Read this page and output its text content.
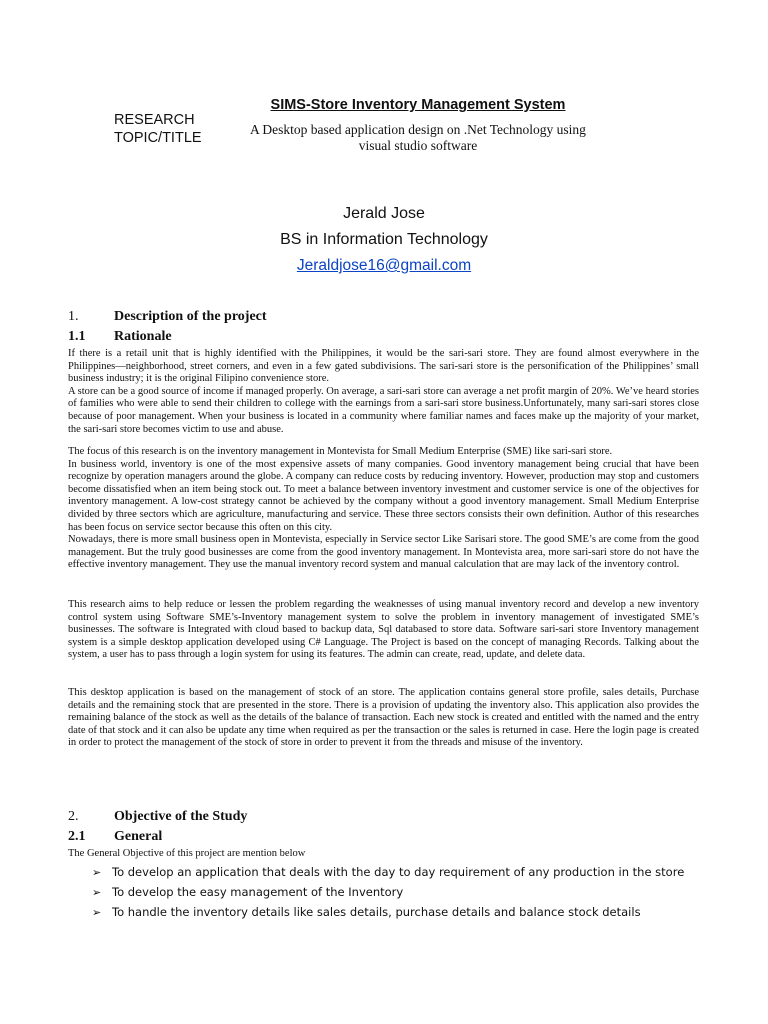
RESEARCH
TOPIC/TITLE
SIMS-Store Inventory Management System
A Desktop based application design on .Net Technology using
visual studio software
Jerald Jose
BS in Information Technology
Jeraldjose16@gmail.com
1.	Description of the project
1.1 Rationale

If there is a retail unit that is highly identified with the Philippines, it would be the sari-sari store. They are found almost everywhere in the Philippines—neighborhood, street corners, and even in a few gated subdivisions. The sari-sari store is the personification of the Philippines’ small business industry; it is the original Filipino convenience store.

A store can be a good source of income if managed properly. On average, a sari-sari store can average a net profit margin of 20%. We’ve heard stories of families who were able to send their children to college with the earnings from a sari-sari store business.Unfortunately, many sari-sari stores close because of poor management. When your business is located in a community where familiar names and faces make up the majority of your market, the sari-sari store becomes victim to use and abuse.

The focus of this research is on the inventory management in Montevista for Small Medium Enterprise (SME) like sari-sari store.

In business world, inventory is one of the most expensive assets of many companies. Good inventory management being crucial that have been recognize by operation managers around the globe. A company can reduce costs by reducing inventory. However, production may stop and customers become dissatisfied when an item being stock out. To meet a balance between inventory investment and customer service is one of the objectives for inventory management. A low-cost strategy cannot be achieved by the company without a good inventory management. Small Medium Enterprise divided by three sectors which are agriculture, manufacturing and service. These three sectors consists their own definition. Author of this researches has been focus on service sector because this often on this city.

Nowadays, there is more small business open in Montevista, especially in Service sector Like Sarisari store. The good SME’s are come from the good management. But the truly good businesses are come from the good inventory management. In Montevista area, more sari-sari store do not have the effective inventory management. They use the manual inventory record system and manual calculation that are may lack of the inventory control.

This research aims to help reduce or lessen the problem regarding the weaknesses of using manual inventory record and develop a new inventory control system using Software SME’s-Inventory management system to solve the problem in inventory management of investigated SME’s businesses. The software is Integrated with cloud based to backup data, Sql databased to store data. Software sari-sari store Inventory management system is a simple desktop application developed using C# Language. The Project is based on the concept of managing Records. Talking about the system, a user has to pass through a login system for using its features. The admin can create, read, update, and delete data.

This desktop application is based on the management of stock of an store. The application contains general store profile, sales details, Purchase details and the remaining stock that are presented in the store. There is a provision of updating the inventory also. This application also provides the remaining balance of the stock as well as the details of the balance of transaction. Each new stock is created and entitled with the named and the entry date of that stock and it can also be update any time when required as per the transaction or the sales is returned in case. Here the login page is created in order to protect the management of the stock of store in order to prevent it from the threads and misuse of the inventory.

2.	Objective of the Study
2.1 General
The General Objective of this project are mention below
➢ To develop an application that deals with the day to day requirement of any production in the store
➢ To develop the easy management of the Inventory
➢ To handle the inventory details like sales details, purchase details and balance stock details
